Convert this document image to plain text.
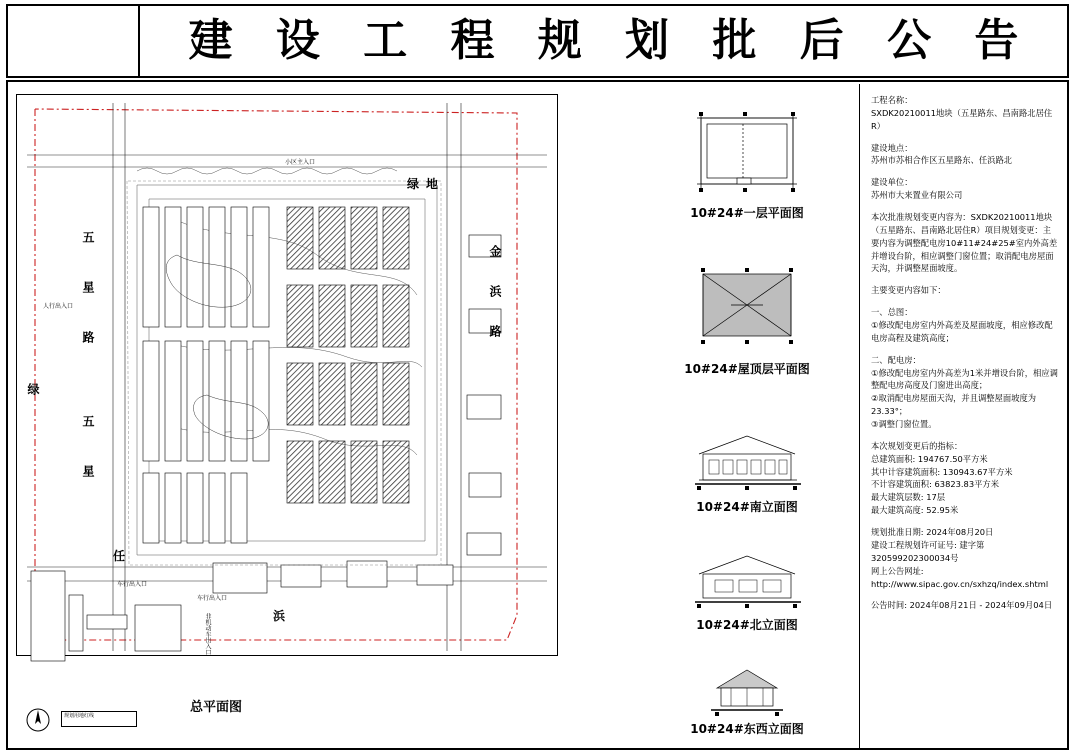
建 设 工 程 规 划 批 后 公 告
五
星
路
五
星
绿
绿地
金
浜
路
任
浜
人行出入口
车行出入口
车行出入口
非机动车出入口
小区主入口
规划用地红线
总平面图
10#24#一层平面图
10#24#屋顶层平面图
10#24#南立面图
10#24#北立面图
10#24#东西立面图
工程名称：
SXDK20210011地块（五星路东、昌南路北居住R）
建设地点：
苏州市苏相合作区五星路东、任浜路北
建设单位：
苏州市大来置业有限公司

本次批准规划变更内容为：SXDK20210011地块（五星路东、昌南路北居住R）项目规划变更：主要内容为调整配电房10#11#24#25#室内外高差并增设台阶，相应调整门窗位置；取消配电房屋面天沟，并调整屋面坡度。

主要变更内容如下：

一、总图：
①修改配电房室内外高差及屋面坡度，相应修改配电房高程及建筑高度；
二、配电房：
①修改配电房室内外高差为1米并增设台阶，相应调整配电房高度及门窗进出高度；
②取消配电房屋面天沟，并且调整屋面坡度为23.33°；
③调整门窗位置。
本次规划变更后的指标：
总建筑面积: 194767.50平方米
其中计容建筑面积: 130943.67平方米
不计容建筑面积: 63823.83平方米
最大建筑层数: 17层
最大建筑高度: 52.95米
规划批准日期: 2024年08月20日
建设工程规划许可证号: 建字第320599202300034号
网上公告网址:
http://www.sipac.gov.cn/sxhzq/index.shtml

公告时间: 2024年08月21日 - 2024年09月04日
